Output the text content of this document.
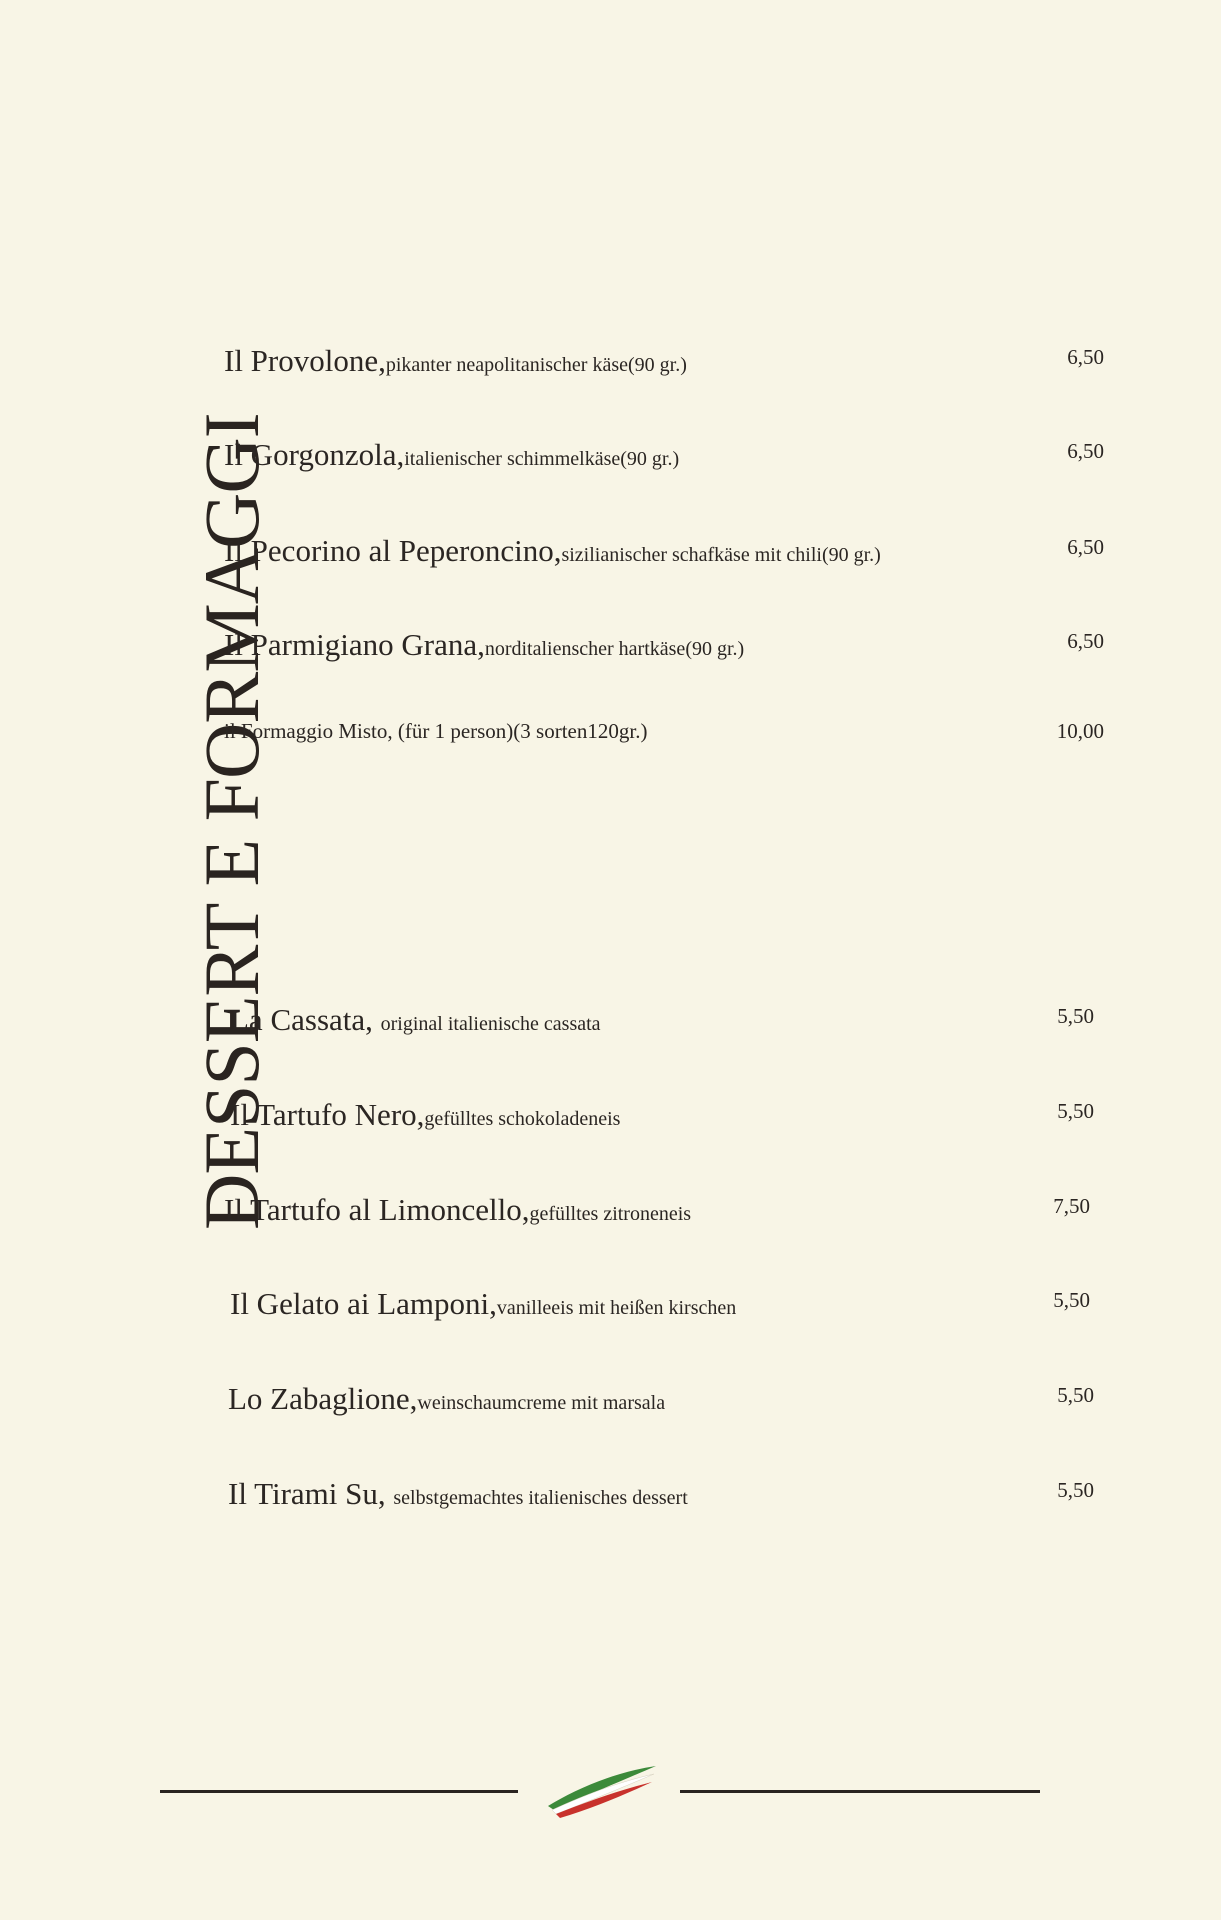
DESSERT E FORMAGGI
Il Provolone,pikanter neapolitanischer käse(90 gr.)	6,50
Il Gorgonzola,italienischer schimmelkäse(90 gr.)	6,50
Il Pecorino al Peperoncino,sizilianischer schafkäse mit chili(90 gr.)	6,50
Il Parmigiano Grana,norditalienscher hartkäse(90 gr.)	6,50
il Formaggio Misto, (für 1 person)(3 sorten120gr.)	10,00
La Cassata, original italienische cassata	5,50
Il Tartufo Nero,gefülltes schokoladeneis	5,50
Il Tartufo al Limoncello,gefülltes zitroneneis	7,50
Il Gelato ai Lamponi,vanilleeis mit heißen kirschen	5,50
Lo Zabaglione,weinschaumcreme mit marsala	5,50
Il Tirami Su, selbstgemachtes italienisches dessert	5,50
